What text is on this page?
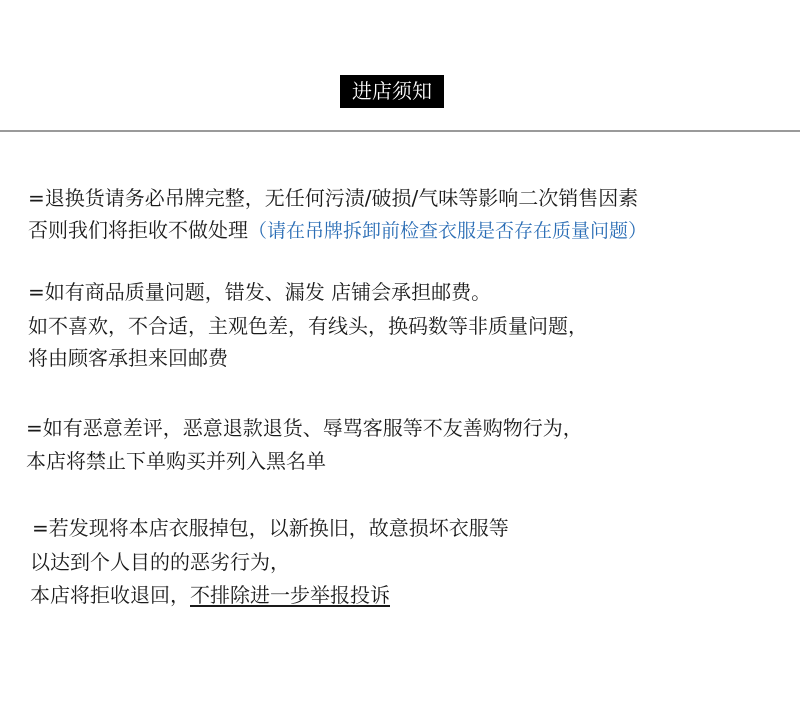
进店须知
=退换货请务必吊牌完整，无任何污渍/破损/气味等影响二次销售因素
否则我们将拒收不做处理（请在吊牌拆卸前检查衣服是否存在质量问题）
=如有商品质量问题，错发、漏发 店铺会承担邮费。
如不喜欢，不合适，主观色差，有线头，换码数等非质量问题，
将由顾客承担来回邮费
=如有恶意差评，恶意退款退货、辱骂客服等不友善购物行为，
本店将禁止下单购买并列入黑名单
=若发现将本店衣服掉包，以新换旧，故意损坏衣服等
以达到个人目的的恶劣行为，
本店将拒收退回，不排除进一步举报投诉
